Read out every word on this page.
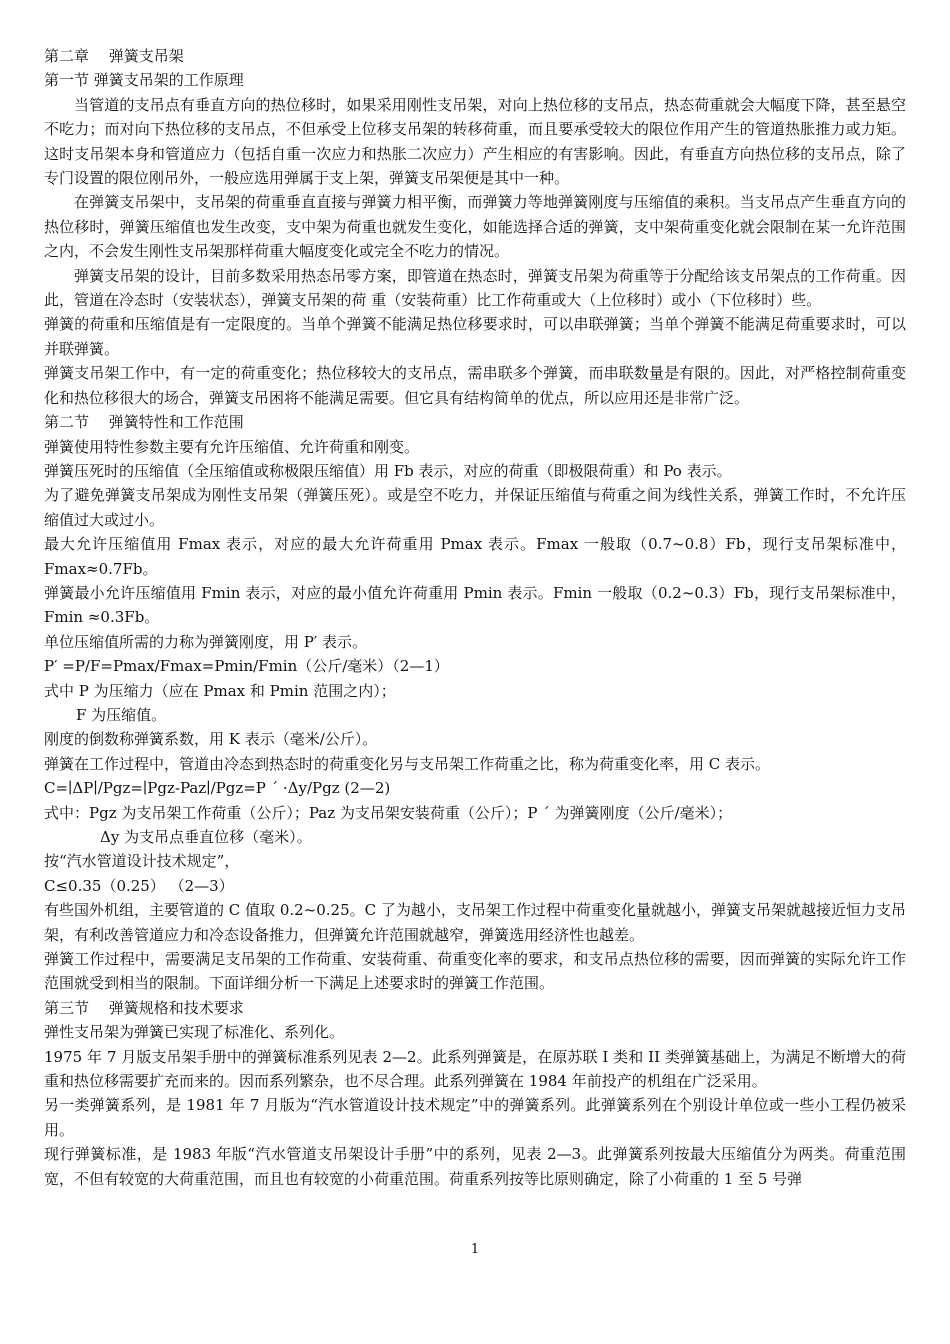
第二章　 弹簧支吊架

第一节 弹簧支吊架的工作原理

当管道的支吊点有垂直方向的热位移时，如果采用刚性支吊架，对向上热位移的支吊点，热态荷重就会大幅度下降，甚至悬空不吃力；而对向下热位移的支吊点，不但承受上位移支吊架的转移荷重，而且要承受较大的限位作用产生的管道热胀推力或力矩。这时支吊架本身和管道应力（包括自重一次应力和热胀二次应力）产生相应的有害影响。因此，有垂直方向热位移的支吊点，除了专门设置的限位刚吊外，一般应选用弹属于支上架，弹簧支吊架便是其中一种。

在弹簧支吊架中，支吊架的荷重垂直直接与弹簧力相平衡，而弹簧力等地弹簧刚度与压缩值的乘积。当支吊点产生垂直方向的热位移时，弹簧压缩值也发生改变，支中架为荷重也就发生变化，如能选择合适的弹簧，支中架荷重变化就会限制在某一允许范围之内，不会发生刚性支吊架那样荷重大幅度变化或完全不吃力的情况。

弹簧支吊架的设计，目前多数采用热态吊零方案，即管道在热态时，弹簧支吊架为荷重等于分配给该支吊架点的工作荷重。因此，管道在冷态时（安装状态），弹簧支吊架的荷 重（安装荷重）比工作荷重或大（上位移时）或小（下位移时）些。

弹簧的荷重和压缩值是有一定限度的。当单个弹簧不能满足热位移要求时，可以串联弹簧；当单个弹簧不能满足荷重要求时，可以并联弹簧。

弹簧支吊架工作中，有一定的荷重变化；热位移较大的支吊点，需串联多个弹簧，而串联数量是有限的。因此，对严格控制荷重变化和热位移很大的场合，弹簧支吊困将不能满足需要。但它具有结构简单的优点，所以应用还是非常广泛。

第二节　 弹簧特性和工作范围

弹簧使用特性参数主要有允许压缩值、允许荷重和刚变。

弹簧压死时的压缩值（全压缩值或称极限压缩值）用 Fb 表示，对应的荷重（即极限荷重）和 Po 表示。

为了避免弹簧支吊架成为刚性支吊架（弹簧压死）。或是空不吃力，并保证压缩值与荷重之间为线性关系，弹簧工作时，不允许压缩值过大或过小。

最大允许压缩值用 Fmax 表示，对应的最大允许荷重用 Pmax 表示。Fmax 一般取（0.7~0.8）Fb，现行支吊架标准中，Fmax≈0.7Fb。

弹簧最小允许压缩值用 Fmin 表示，对应的最小值允许荷重用 Pmin 表示。Fmin 一般取（0.2~0.3）Fb，现行支吊架标准中，Fmin ≈0.3Fb。

单位压缩值所需的力称为弹簧刚度，用 P′ 表示。

P′ =P/F=Pmax/Fmax=Pmin/Fmin（公斤/毫米）（2—1）

式中 P 为压缩力（应在 Pmax 和 Pmin 范围之内）；

F 为压缩值。

刚度的倒数称弹簧系数，用 K 表示（毫米/公斤）。

弹簧在工作过程中，管道由冷态到热态时的荷重变化另与支吊架工作荷重之比，称为荷重变化率，用 C 表示。

C=∣ΔP∣/Pgz=∣Pgz-Paz∣/Pgz=P ´ ·Δy/Pgz (2—2)

式中：Pgz 为支吊架工作荷重（公斤）；Paz 为支吊架安装荷重（公斤）；P ´ 为弹簧刚度（公斤/毫米）；

Δy 为支吊点垂直位移（毫米）。

按“汽水管道设计技术规定”，

C≤0.35（0.25） （2—3）

有些国外机组，主要管道的 C 值取 0.2~0.25。C 了为越小，支吊架工作过程中荷重变化量就越小，弹簧支吊架就越接近恒力支吊架，有利改善管道应力和冷态设备推力，但弹簧允许范围就越窄，弹簧选用经济性也越差。

弹簧工作过程中，需要满足支吊架的工作荷重、安装荷重、荷重变化率的要求，和支吊点热位移的需要，因而弹簧的实际允许工作范围就受到相当的限制。下面详细分析一下满足上述要求时的弹簧工作范围。

第三节　 弹簧规格和技术要求

弹性支吊架为弹簧已实现了标准化、系列化。

1975 年 7 月版支吊架手册中的弹簧标准系列见表 2—2。此系列弹簧是，在原苏联 I 类和 II 类弹簧基础上，为满足不断增大的荷重和热位移需要扩充而来的。因而系列繁杂，也不尽合理。此系列弹簧在 1984 年前投产的机组在广泛采用。

另一类弹簧系列，是 1981 年 7 月版为“汽水管道设计技术规定”中的弹簧系列。此弹簧系列在个别设计单位或一些小工程仍被采用。

现行弹簧标准，是 1983 年版“汽水管道支吊架设计手册”中的系列，见表 2—3。此弹簧系列按最大压缩值分为两类。荷重范围宽，不但有较宽的大荷重范围，而且也有较宽的小荷重范围。荷重系列按等比原则确定，除了小荷重的 1 至 5 号弹

1
